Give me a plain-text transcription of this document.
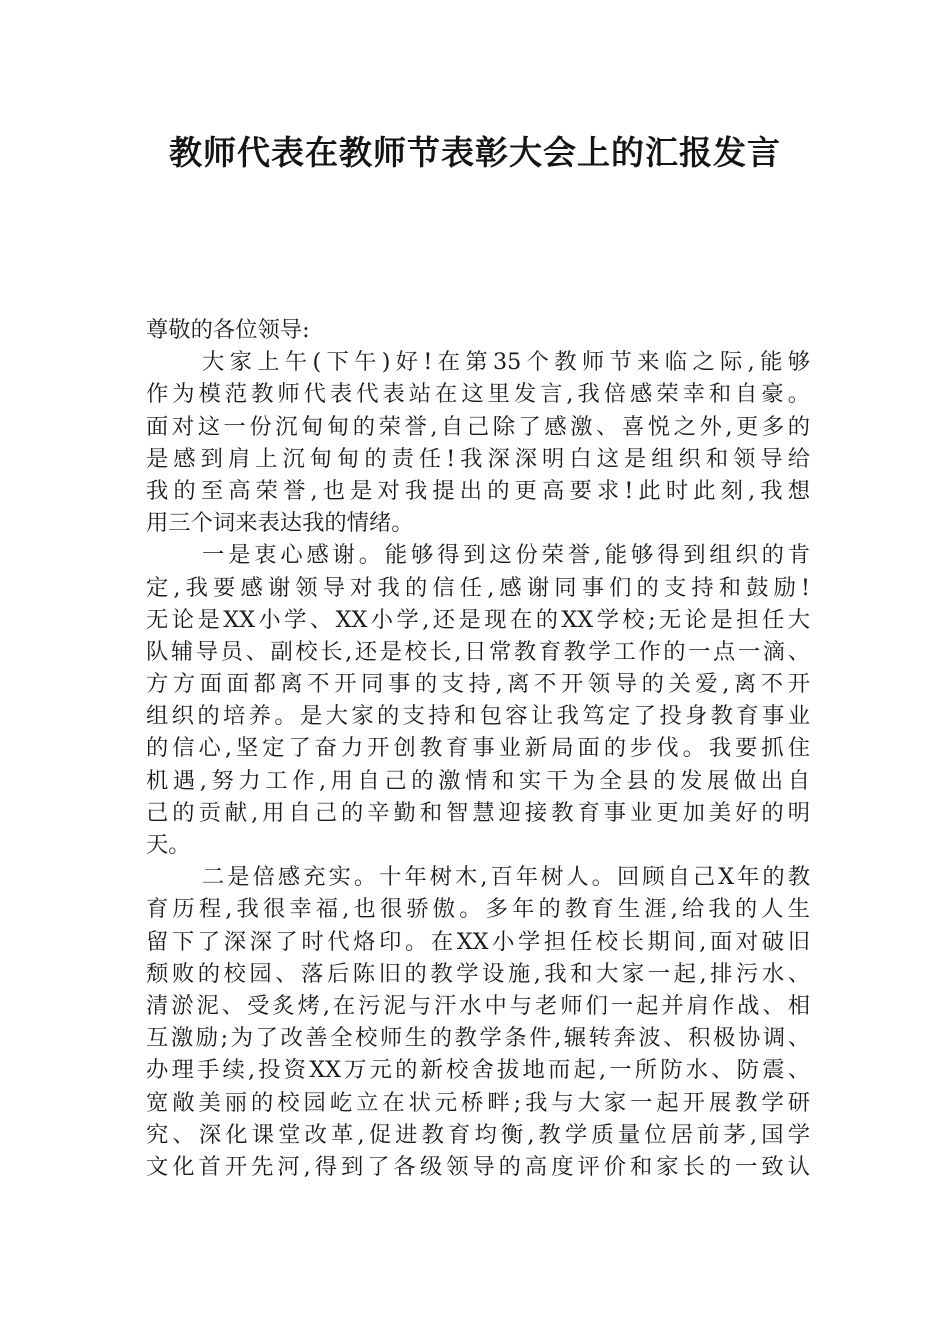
教师代表在教师节表彰大会上的汇报发言
尊敬的各位领导:
大家上午(下午)好!在第35个教师节来临之际,能够
作为模范教师代表代表站在这里发言,我倍感荣幸和自豪。
面对这一份沉甸甸的荣誉,自己除了感激、喜悦之外,更多的
是感到肩上沉甸甸的责任!我深深明白这是组织和领导给
我的至高荣誉,也是对我提出的更高要求!此时此刻,我想
用三个词来表达我的情绪。
一是衷心感谢。能够得到这份荣誉,能够得到组织的肯
定,我要感谢领导对我的信任,感谢同事们的支持和鼓励!
无论是XX小学、XX小学,还是现在的XX学校;无论是担任大
队辅导员、副校长,还是校长,日常教育教学工作的一点一滴、
方方面面都离不开同事的支持,离不开领导的关爱,离不开
组织的培养。是大家的支持和包容让我笃定了投身教育事业
的信心,坚定了奋力开创教育事业新局面的步伐。我要抓住
机遇,努力工作,用自己的激情和实干为全县的发展做出自
己的贡献,用自己的辛勤和智慧迎接教育事业更加美好的明
天。
二是倍感充实。十年树木,百年树人。回顾自己X年的教
育历程,我很幸福,也很骄傲。多年的教育生涯,给我的人生
留下了深深了时代烙印。在XX小学担任校长期间,面对破旧
颓败的校园、落后陈旧的教学设施,我和大家一起,排污水、
清淤泥、受炙烤,在污泥与汗水中与老师们一起并肩作战、相
互激励;为了改善全校师生的教学条件,辗转奔波、积极协调、
办理手续,投资XX万元的新校舍拔地而起,一所防水、防震、
宽敞美丽的校园屹立在状元桥畔;我与大家一起开展教学研
究、深化课堂改革,促进教育均衡,教学质量位居前茅,国学
文化首开先河,得到了各级领导的高度评价和家长的一致认
